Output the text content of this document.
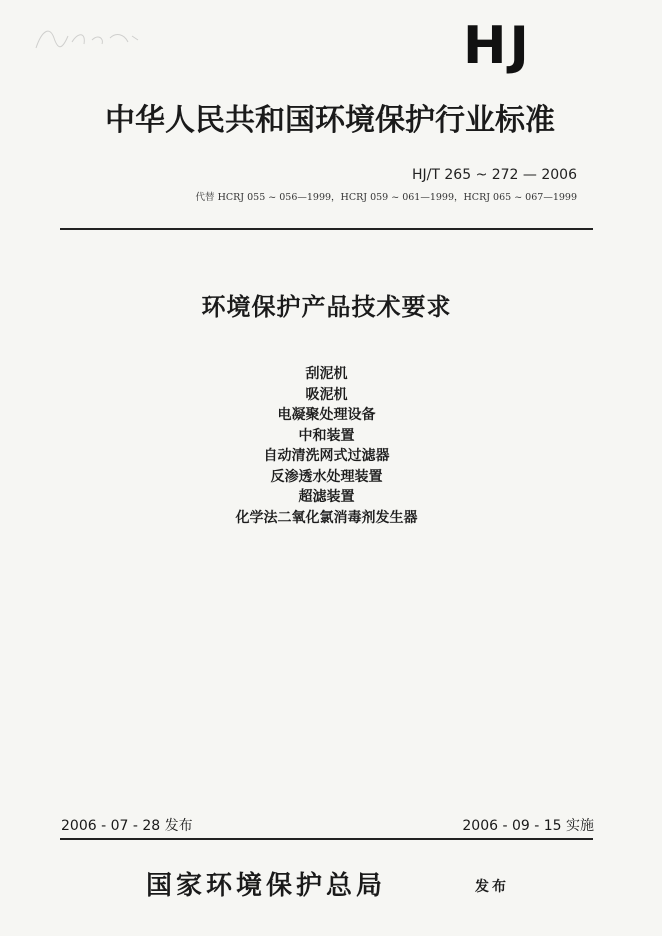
HJ
中华人民共和国环境保护行业标准
HJ/T 265 ~ 272 — 2006
代替 HCRJ 055 ~ 056—1999，HCRJ 059 ~ 061—1999，HCRJ 065 ~ 067—1999
环境保护产品技术要求
刮泥机
吸泥机
电凝聚处理设备
中和装置
自动清洗网式过滤器
反渗透水处理装置
超滤装置
化学法二氧化氯消毒剂发生器
2006 - 07 - 28 发布	2006 - 09 - 15 实施
国家环境保护总局	发布
